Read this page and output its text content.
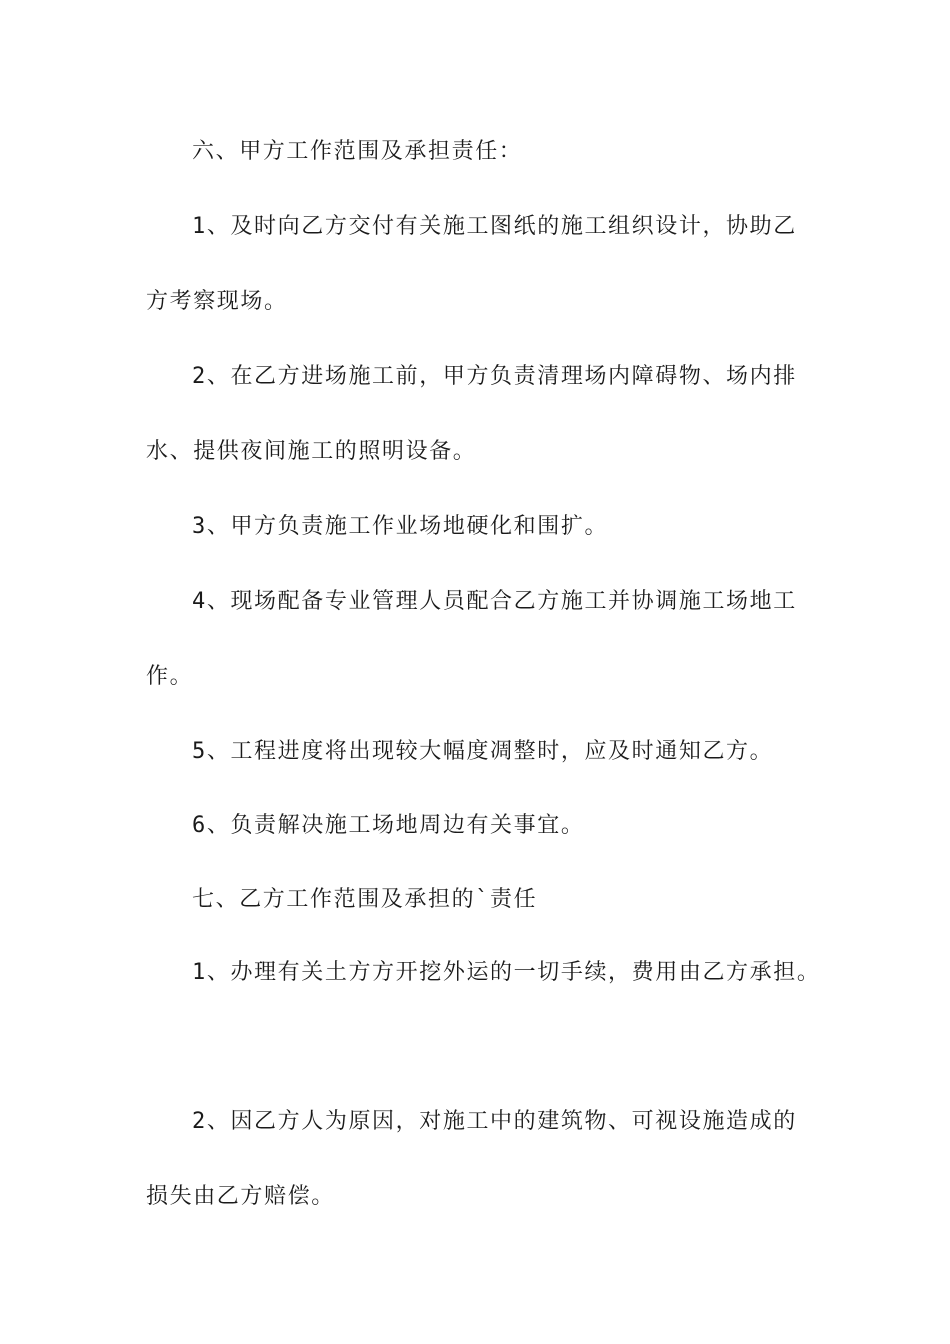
六、甲方工作范围及承担责任：
1、及时向乙方交付有关施工图纸的施工组织设计，协助乙
方考察现场。
2、在乙方进场施工前，甲方负责清理场内障碍物、场内排
水、提供夜间施工的照明设备。
3、甲方负责施工作业场地硬化和围扩。
4、现场配备专业管理人员配合乙方施工并协调施工场地工
作。
5、工程进度将出现较大幅度凋整时，应及时通知乙方。
6、负责解决施工场地周边有关事宜。
七、乙方工作范围及承担的`责任
1、办理有关土方方开挖外运的一切手续，费用由乙方承担。
2、因乙方人为原因，对施工中的建筑物、可视设施造成的
损失由乙方赔偿。
